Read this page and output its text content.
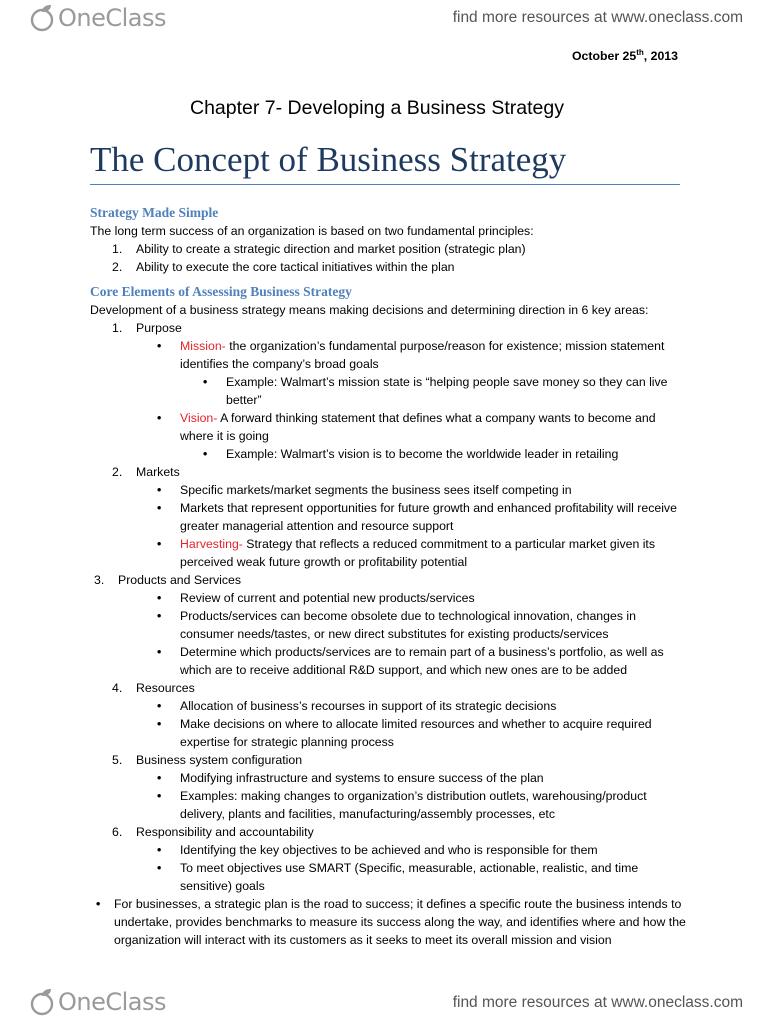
OneClass	find more resources at www.oneclass.com
October 25th, 2013
Chapter 7- Developing a Business Strategy
The Concept of Business Strategy
Strategy Made Simple
The long term success of an organization is based on two fundamental principles:
1. Ability to create a strategic direction and market position (strategic plan)
2. Ability to execute the core tactical initiatives within the plan
Core Elements of Assessing Business Strategy
Development of a business strategy means making decisions and determining direction in 6 key areas:
1. Purpose
• Mission- the organization’s fundamental purpose/reason for existence; mission statement identifies the company’s broad goals
• Example: Walmart’s mission state is “helping people save money so they can live better”
• Vision- A forward thinking statement that defines what a company wants to become and where it is going
• Example: Walmart’s vision is to become the worldwide leader in retailing
2. Markets
• Specific markets/market segments the business sees itself competing in
• Markets that represent opportunities for future growth and enhanced profitability will receive greater managerial attention and resource support
• Harvesting- Strategy that reflects a reduced commitment to a particular market given its perceived weak future growth or profitability potential
3. Products and Services
• Review of current and potential new products/services
• Products/services can become obsolete due to technological innovation, changes in consumer needs/tastes, or new direct substitutes for existing products/services
• Determine which products/services are to remain part of a business’s portfolio, as well as which are to receive additional R&D support, and which new ones are to be added
4. Resources
• Allocation of business’s recourses in support of its strategic decisions
• Make decisions on where to allocate limited resources and whether to acquire required expertise for strategic planning process
5. Business system configuration
• Modifying infrastructure and systems to ensure success of the plan
• Examples: making changes to organization’s distribution outlets, warehousing/product delivery, plants and facilities, manufacturing/assembly processes, etc
6. Responsibility and accountability
• Identifying the key objectives to be achieved and who is responsible for them
• To meet objectives use SMART (Specific, measurable, actionable, realistic, and time sensitive) goals
• For businesses, a strategic plan is the road to success; it defines a specific route the business intends to undertake, provides benchmarks to measure its success along the way, and identifies where and how the organization will interact with its customers as it seeks to meet its overall mission and vision
OneClass	find more resources at www.oneclass.com
